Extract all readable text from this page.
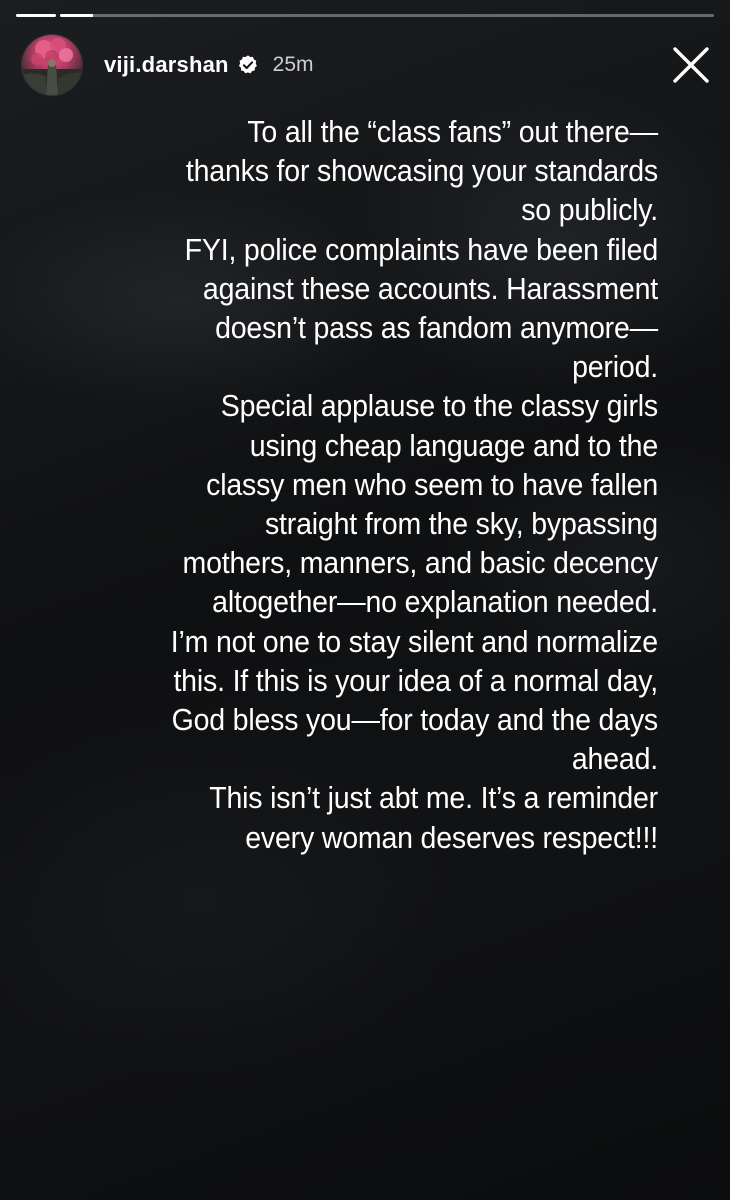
viji.darshan 25m
To all the “class fans” out there—
thanks for showcasing your standards
so publicly.
FYI, police complaints have been filed
against these accounts. Harassment
doesn’t pass as fandom anymore—
period.
Special applause to the classy girls
using cheap language and to the
classy men who seem to have fallen
straight from the sky, bypassing
mothers, manners, and basic decency
altogether—no explanation needed.
I’m not one to stay silent and normalize
this. If this is your idea of a normal day,
God bless you—for today and the days
ahead.
This isn’t just abt me. It’s a reminder
every woman deserves respect!!!
